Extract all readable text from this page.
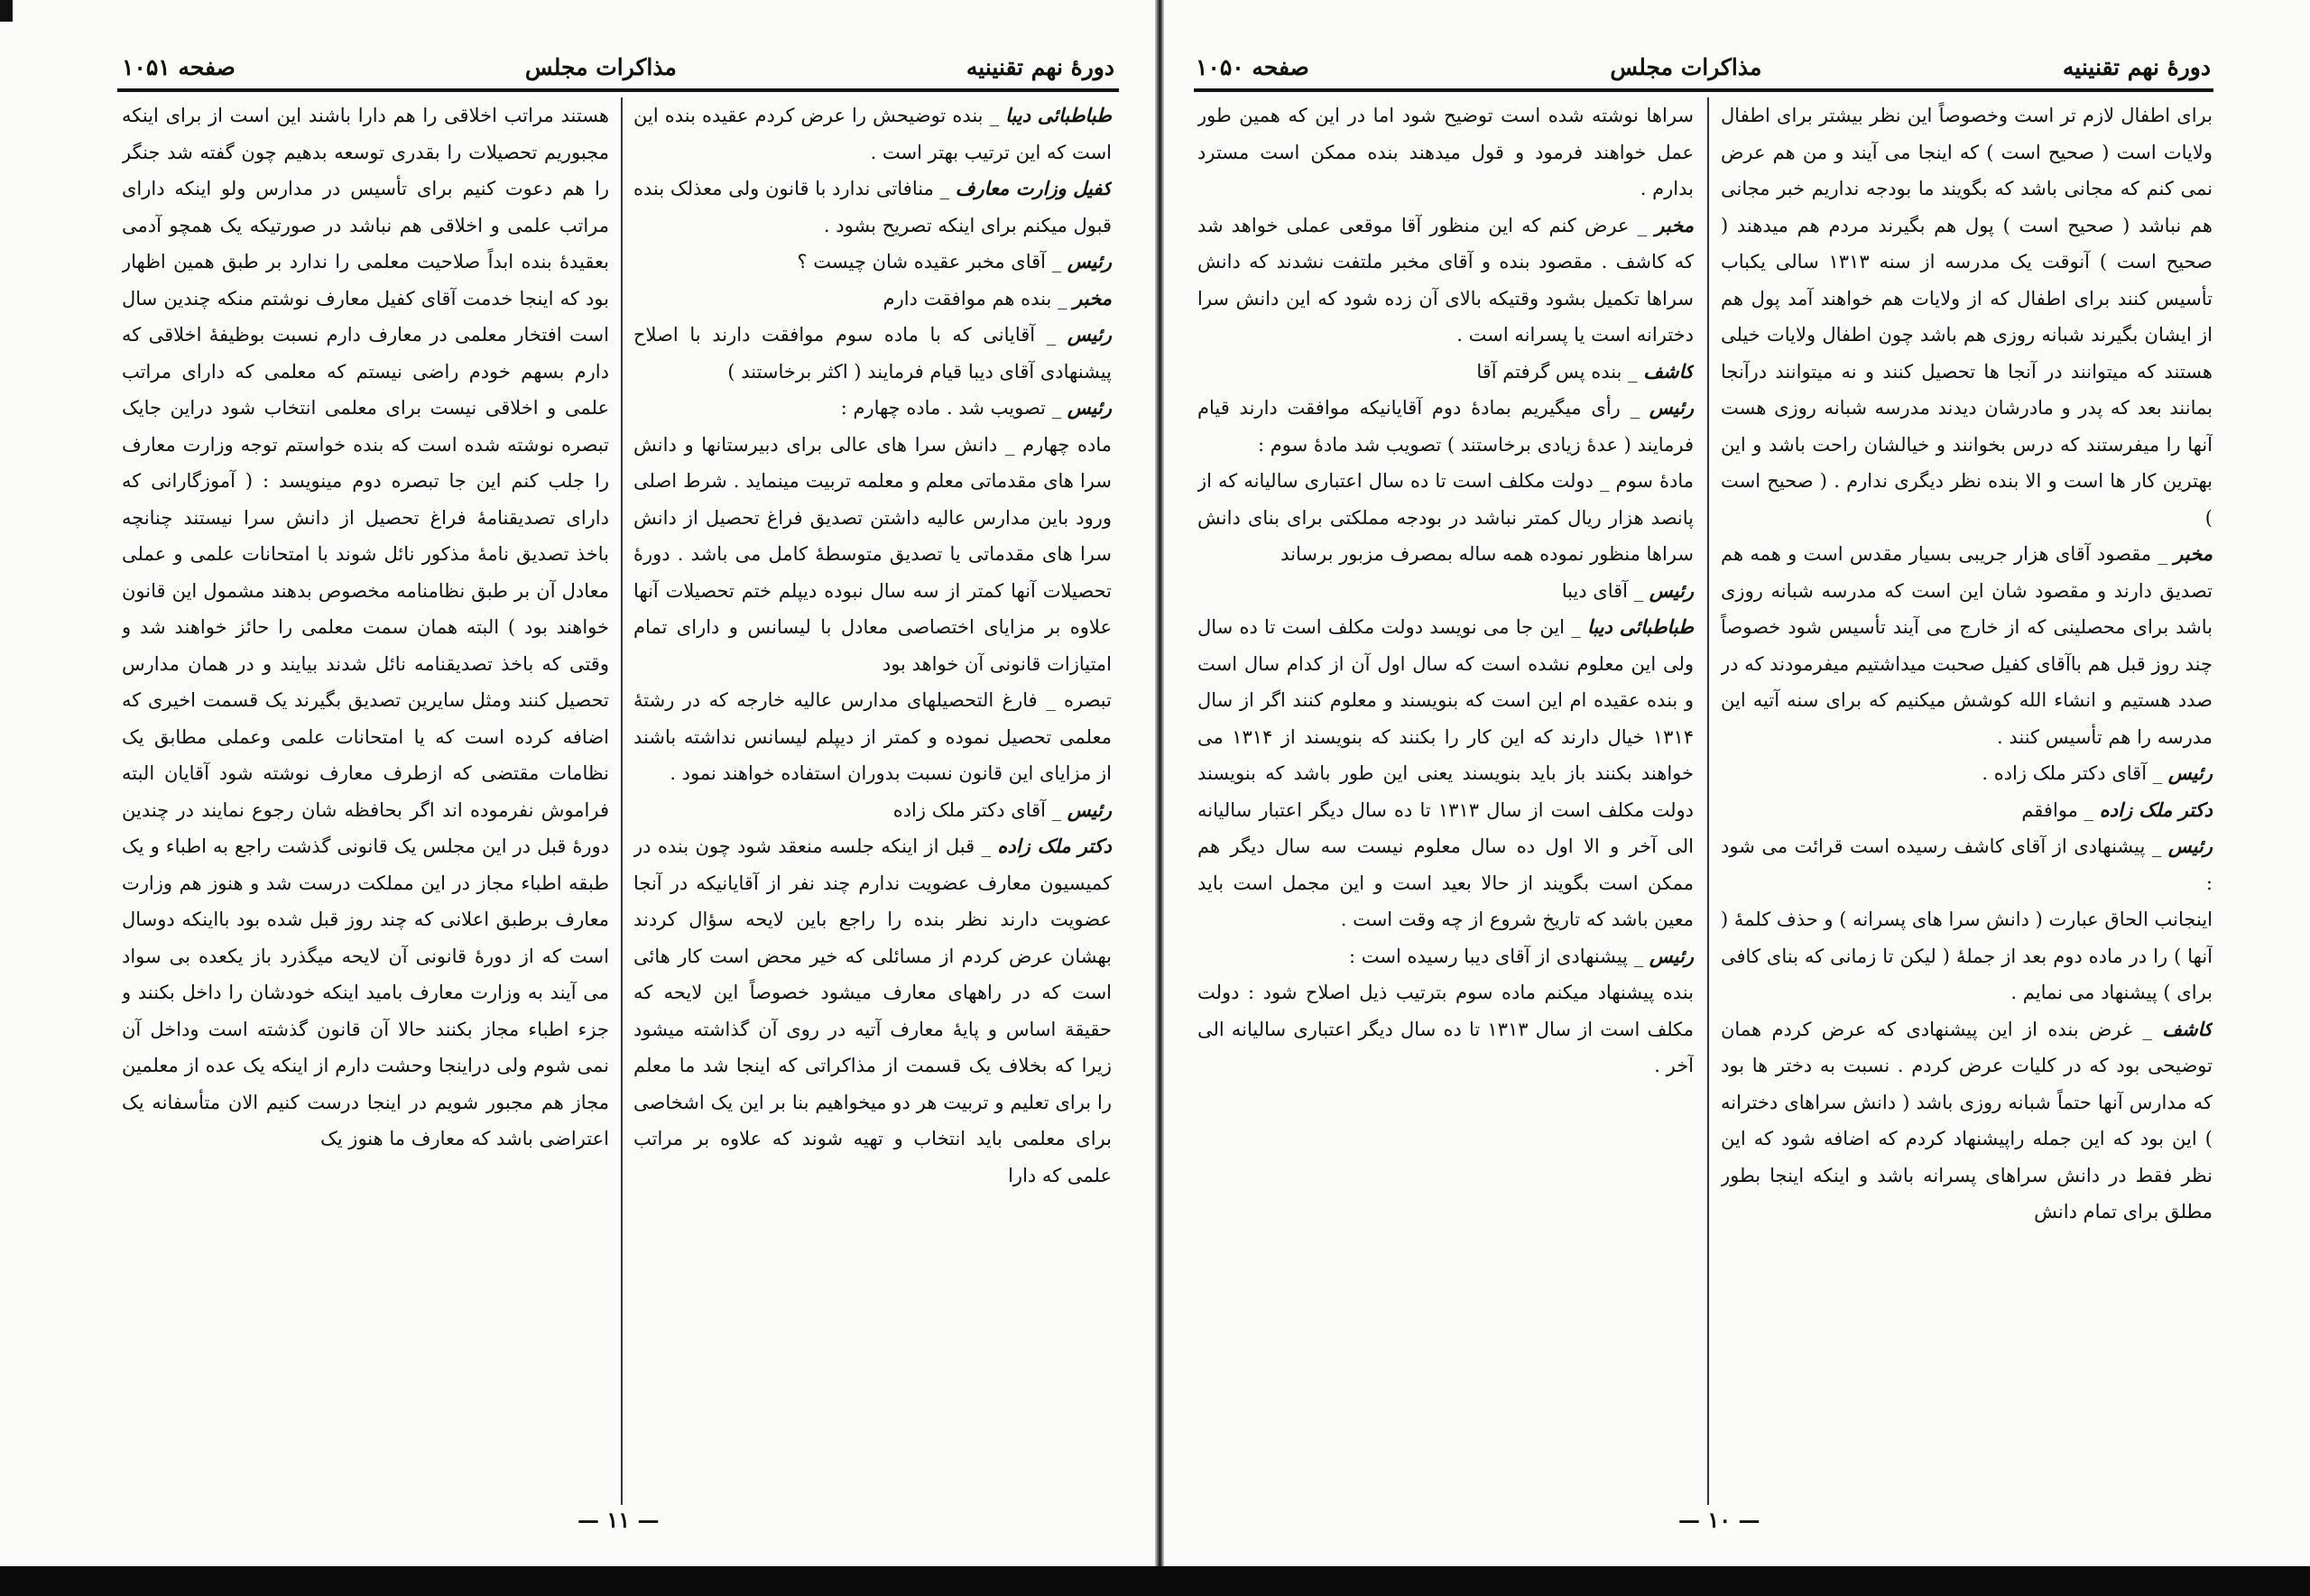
دورهٔ نهم تقنینیه
مذاکرات مجلس
صفحه ۱۰۵۱

طباطبائی دیبا _ بنده توضیحش را عرض کردم عقیده بنده این است که این ترتیب بهتر است .

کفیل وزارت معارف _ منافاتی ندارد با قانون ولی معذلک بنده قبول میکنم برای اینکه تصریح بشود .

رئیس _ آقای مخبر عقیده شان چیست ؟

مخبر _ بنده هم موافقت دارم

رئیس _ آقایانی که با ماده سوم موافقت دارند با اصلاح پیشنهادی آقای دیبا قیام فرمایند ( اکثر برخاستند )

رئیس _ تصویب شد . ماده چهارم :

ماده چهارم _ دانش سرا های عالی برای دبیرستانها و دانش سرا های مقدماتی معلم و معلمه تربیت مینماید . شرط اصلی ورود باین مدارس عالیه داشتن تصدیق فراغ تحصیل از دانش سرا های مقدماتی یا تصدیق متوسطهٔ کامل می باشد . دورهٔ تحصیلات آنها کمتر از سه سال نبوده دیپلم ختم تحصیلات آنها علاوه بر مزایای اختصاصی معادل با لیسانس و دارای تمام امتیازات قانونی آن خواهد بود

تبصره _ فارغ التحصیلهای مدارس عالیه خارجه که در رشتهٔ معلمی تحصیل نموده و کمتر از دیپلم لیسانس نداشته باشند از مزایای این قانون نسبت بدوران استفاده خواهند نمود .

رئیس _ آقای دکتر ملک زاده

دکتر ملک زاده _ قبل از اینکه جلسه منعقد شود چون بنده در کمیسیون معارف عضویت ندارم چند نفر از آقایانیکه در آنجا عضویت دارند نظر بنده را راجع باین لایحه سؤال کردند بهشان عرض کردم از مسائلی که خیر محض است کار هائی است که در راههای معارف میشود خصوصاً این لایحه که حقیقة اساس و پایهٔ معارف آتیه در روی آن گذاشته میشود زیرا که بخلاف یک قسمت از مذاکراتی که اینجا شد ما معلم را برای تعلیم و تربیت هر دو میخواهیم بنا بر این یک اشخاصی برای معلمی باید انتخاب و تهیه شوند که علاوه بر مراتب علمی که دارا

هستند مراتب اخلاقی را هم دارا باشند این است از برای اینکه مجبوریم تحصیلات را بقدری توسعه بدهیم چون گفته شد جنگر را هم دعوت کنیم برای تأسیس در مدارس ولو اینکه دارای مراتب علمی و اخلاقی هم نباشد در صورتیکه یک همچو آدمی بعقیدهٔ بنده ابداً صلاحیت معلمی را ندارد بر طبق همین اظهار بود که اینجا خدمت آقای کفیل معارف نوشتم منکه چندین سال است افتخار معلمی در معارف دارم نسبت بوظیفهٔ اخلاقی که دارم بسهم خودم راضی نیستم که معلمی که دارای مراتب علمی و اخلاقی نیست برای معلمی انتخاب شود دراین جایک تبصره نوشته شده است که بنده خواستم توجه وزارت معارف را جلب کنم این جا تبصره دوم مینویسد : ( آموزگارانی که دارای تصدیقنامهٔ فراغ تحصیل از دانش سرا نیستند چنانچه باخذ تصدیق نامهٔ مذکور نائل شوند با امتحانات علمی و عملی معادل آن بر طبق نظامنامه مخصوص بدهند مشمول این قانون خواهند بود ) البته همان سمت معلمی را حائز خواهند شد و وقتی که باخذ تصدیقنامه نائل شدند بیایند و در همان مدارس تحصیل کنند ومثل سایرین تصدیق بگیرند یک قسمت اخیری که اضافه کرده است که یا امتحانات علمی وعملی مطابق یک نظامات مقتضی که ازطرف معارف نوشته شود آقایان البته فراموش نفرموده اند اگر بحافظه شان رجوع نمایند در چندین دورهٔ قبل در این مجلس یک قانونی گذشت راجع به اطباء و یک طبقه اطباء مجاز در این مملکت درست شد و هنوز هم وزارت معارف برطبق اعلانی که چند روز قبل شده بود بااینکه دوسال است که از دورهٔ قانونی آن لایحه میگذرد باز یکعده بی سواد می آیند به وزارت معارف بامید اینکه خودشان را داخل بکنند و جزء اطباء مجاز بکنند حالا آن قانون گذشته است وداخل آن نمی شوم ولی دراینجا وحشت دارم از اینکه یک عده از معلمین مجاز هم مجبور شویم در اینجا درست کنیم الان متأسفانه یک اعتراضی باشد که معارف ما هنوز یک

— ۱۱ —
دورهٔ نهم تقنینیه
مذاکرات مجلس
صفحه ۱۰۵۰

برای اطفال لازم تر است وخصوصاً این نظر بیشتر برای اطفال ولایات است ( صحیح است ) که اینجا می آیند و من هم عرض نمی کنم که مجانی باشد که بگویند ما بودجه نداریم خبر مجانی هم نباشد ( صحیح است ) پول هم بگیرند مردم هم میدهند ( صحیح است ) آنوقت یک مدرسه از سنه ۱۳۱۳ سالی یکباب تأسیس کنند برای اطفال که از ولایات هم خواهند آمد پول هم از ایشان بگیرند شبانه روزی هم باشد چون اطفال ولایات خیلی هستند که میتوانند در آنجا ها تحصیل کنند و نه میتوانند درآنجا بمانند بعد که پدر و مادرشان دیدند مدرسه شبانه روزی هست آنها را میفرستند که درس بخوانند و خیالشان راحت باشد و این بهترین کار ها است و الا بنده نظر دیگری ندارم . ( صحیح است )

مخبر _ مقصود آقای هزار جریبی بسیار مقدس است و همه هم تصدیق دارند و مقصود شان این است که مدرسه شبانه روزی باشد برای محصلینی که از خارج می آیند تأسیس شود خصوصاً چند روز قبل هم باآقای کفیل صحبت میداشتیم میفرمودند که در صدد هستیم و انشاء الله کوشش میکنیم که برای سنه آتیه این مدرسه را هم تأسیس کنند .

رئیس _ آقای دکتر ملک زاده .

دکتر ملک زاده _ موافقم

رئیس _ پیشنهادی از آقای کاشف رسیده است قرائت می شود :

اینجانب الحاق عبارت ( دانش سرا های پسرانه ) و حذف کلمهٔ ( آنها ) را در ماده دوم بعد از جملهٔ ( لیکن تا زمانی که بنای کافی برای ) پیشنهاد می نمایم .

کاشف _ غرض بنده از این پیشنهادی که عرض کردم همان توضیحی بود که در کلیات عرض کردم . نسبت به دختر ها بود که مدارس آنها حتماً شبانه روزی باشد ( دانش سراهای دخترانه ) این بود که این جمله راپیشنهاد کردم که اضافه شود که این نظر فقط در دانش سراهای پسرانه باشد و اینکه اینجا بطور مطلق برای تمام دانش

سراها نوشته شده است توضیح شود اما در این که همین طور عمل خواهند فرمود و قول میدهند بنده ممکن است مسترد بدارم .

مخبر _ عرض کنم که این منظور آقا موقعی عملی خواهد شد که کاشف . مقصود بنده و آقای مخبر ملتفت نشدند که دانش سراها تکمیل بشود وقتیکه بالای آن زده شود که این دانش سرا دخترانه است یا پسرانه است .

کاشف _ بنده پس گرفتم آقا

رئیس _ رأی میگیریم بمادهٔ دوم آقایانیکه موافقت دارند قیام فرمایند ( عدهٔ زیادی برخاستند ) تصویب شد مادهٔ سوم :

مادهٔ سوم _ دولت مکلف است تا ده سال اعتباری سالیانه که از پانصد هزار ریال کمتر نباشد در بودجه مملکتی برای بنای دانش سراها منظور نموده همه ساله بمصرف مزبور برساند

رئیس _ آقای دیبا

طباطبائی دیبا _ این جا می نویسد دولت مکلف است تا ده سال ولی این معلوم نشده است که سال اول آن از کدام سال است و بنده عقیده ام این است که بنویسند و معلوم کنند اگر از سال ۱۳۱۴ خیال دارند که این کار را بکنند که بنویسند از ۱۳۱۴ می خواهند بکنند باز باید بنویسند یعنی این طور باشد که بنویسند دولت مکلف است از سال ۱۳۱۳ تا ده سال دیگر اعتبار سالیانه الی آخر و الا اول ده سال معلوم نیست سه سال دیگر هم ممکن است بگویند از حالا بعید است و این مجمل است باید معین باشد که تاریخ شروع از چه وقت است .

رئیس _ پیشنهادی از آقای دیبا رسیده است :

بنده پیشنهاد میکنم ماده سوم بترتیب ذیل اصلاح شود : دولت مکلف است از سال ۱۳۱۳ تا ده سال دیگر اعتباری سالیانه الی آخر .

— ۱۰ —
